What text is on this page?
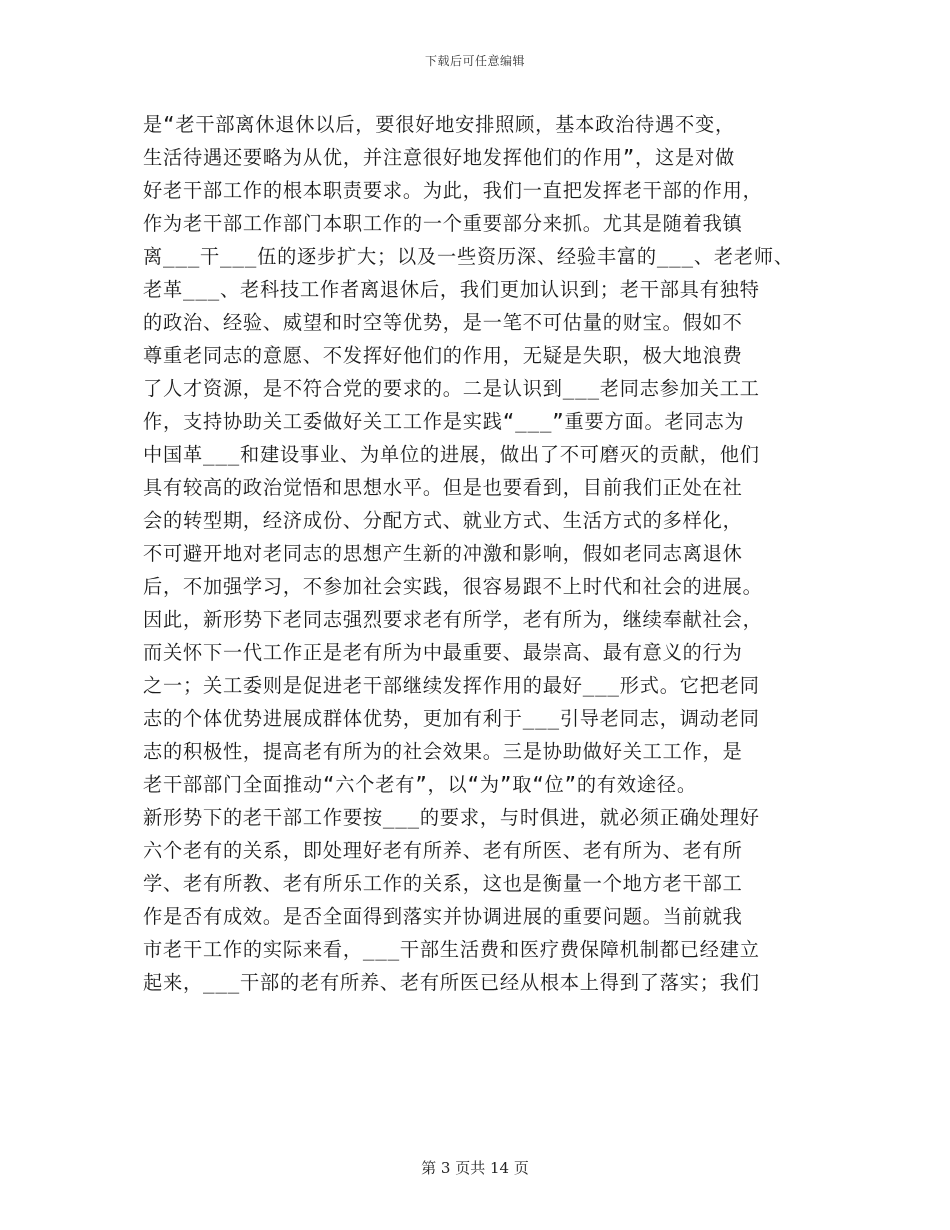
下载后可任意编辑
是“老干部离休退休以后，要很好地安排照顾，基本政治待遇不变，
生活待遇还要略为从优，并注意很好地发挥他们的作用”，这是对做
好老干部工作的根本职责要求。为此，我们一直把发挥老干部的作用，
作为老干部工作部门本职工作的一个重要部分来抓。尤其是随着我镇
离___干___伍的逐步扩大；以及一些资历深、经验丰富的___、老老师、
老革___、老科技工作者离退休后，我们更加认识到；老干部具有独特
的政治、经验、威望和时空等优势，是一笔不可估量的财宝。假如不
尊重老同志的意愿、不发挥好他们的作用，无疑是失职，极大地浪费
了人才资源，是不符合党的要求的。二是认识到___老同志参加关工工
作，支持协助关工委做好关工工作是实践“___”重要方面。老同志为
中国革___和建设事业、为单位的进展，做出了不可磨灭的贡献，他们
具有较高的政治觉悟和思想水平。但是也要看到，目前我们正处在社
会的转型期，经济成份、分配方式、就业方式、生活方式的多样化，
不可避开地对老同志的思想产生新的冲激和影响，假如老同志离退休
后，不加强学习，不参加社会实践，很容易跟不上时代和社会的进展。
因此，新形势下老同志强烈要求老有所学，老有所为，继续奉献社会，
而关怀下一代工作正是老有所为中最重要、最崇高、最有意义的行为
之一；关工委则是促进老干部继续发挥作用的最好___形式。它把老同
志的个体优势进展成群体优势，更加有利于___引导老同志，调动老同
志的积极性，提高老有所为的社会效果。三是协助做好关工工作，是
老干部部门全面推动“六个老有”，以“为”取“位”的有效途径。
新形势下的老干部工作要按___的要求，与时俱进，就必须正确处理好
六个老有的关系，即处理好老有所养、老有所医、老有所为、老有所
学、老有所教、老有所乐工作的关系，这也是衡量一个地方老干部工
作是否有成效。是否全面得到落实并协调进展的重要问题。当前就我
市老干工作的实际来看，___干部生活费和医疗费保障机制都已经建立
起来，___干部的老有所养、老有所医已经从根本上得到了落实；我们
第 3 页共 14 页
